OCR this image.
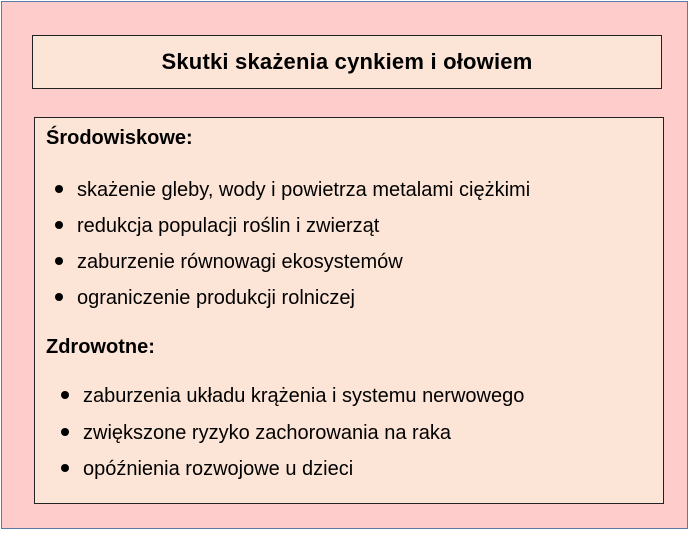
Skutki skażenia cynkiem i ołowiem
Środowiskowe:
skażenie gleby, wody i powietrza metalami ciężkimi
redukcja populacji roślin i zwierząt
zaburzenie równowagi ekosystemów
ograniczenie produkcji rolniczej
Zdrowotne:
zaburzenia układu krążenia i systemu nerwowego
zwiększone ryzyko zachorowania na raka
opóźnienia rozwojowe u dzieci
